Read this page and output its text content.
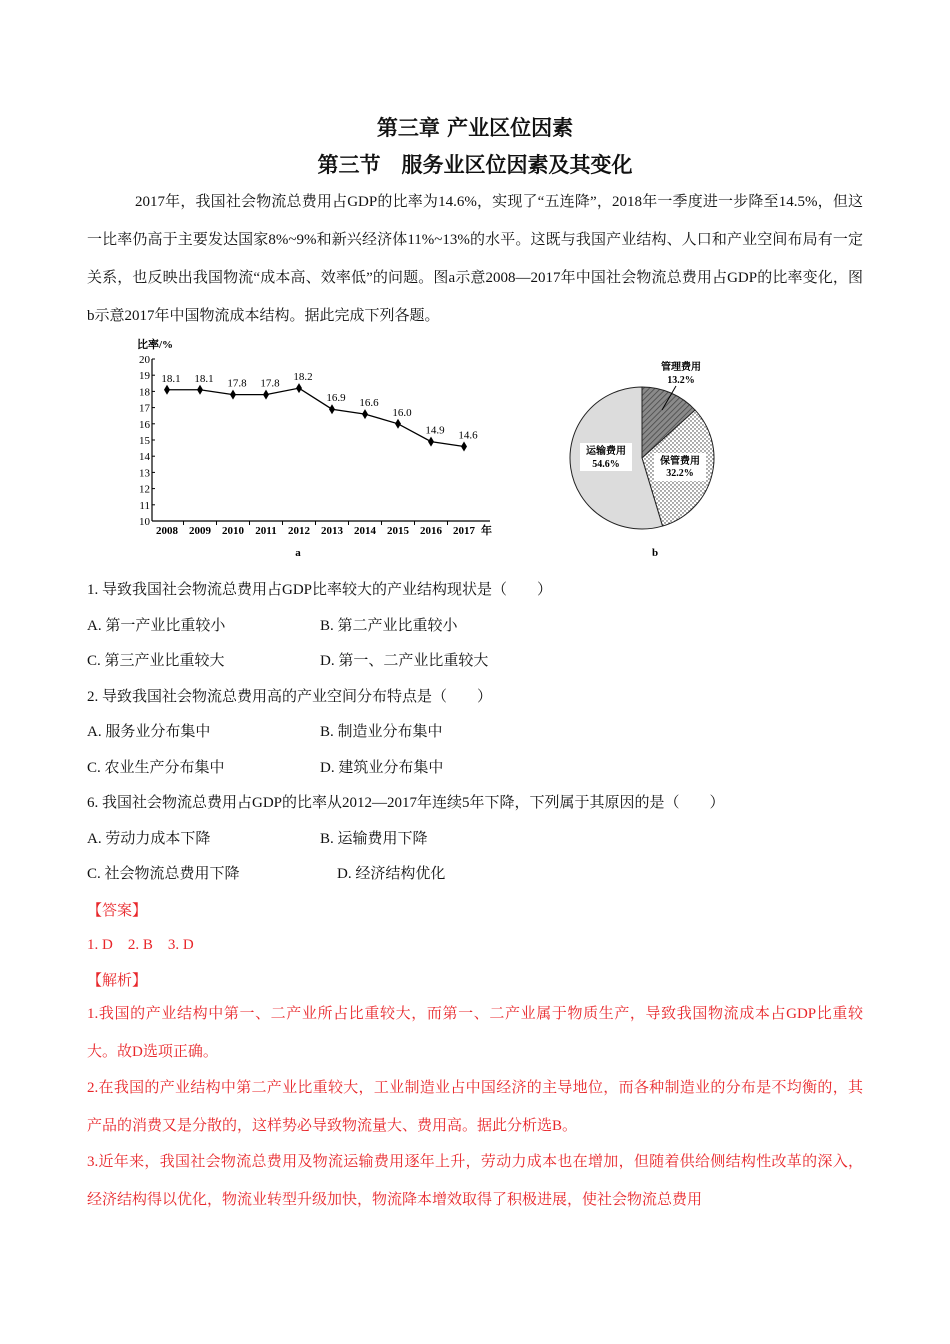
第三章 产业区位因素
第三节　服务业区位因素及其变化
2017年，我国社会物流总费用占GDP的比率为14.6%，实现了“五连降”，2018年一季度进一步降至14.5%，但这一比率仍高于主要发达国家8%~9%和新兴经济体11%~13%的水平。这既与我国产业结构、人口和产业空间布局有一定关系，也反映出我国物流“成本高、效率低”的问题。图a示意2008—2017年中国社会物流总费用占GDP的比率变化，图b示意2017年中国物流成本结构。据此完成下列各题。
比率/%
10
11
12
13
14
15
16
17
18
19
20
2008 2009 2010 2011 2012 2013 2014 2015 2016 2017 年
18.1 18.1 17.8 17.8
18.2
16.9 16.6
16.0
14.9 14.6
a
管理费用
13.2%
保管费用
32.2%
运输费用
54.6%
b
1. 导致我国社会物流总费用占GDP比率较大的产业结构现状是（　　）
A. 第一产业比重较小	B. 第二产业比重较小
C. 第三产业比重较大	D. 第一、二产业比重较大
2. 导致我国社会物流总费用高的产业空间分布特点是（　　）
A. 服务业分布集中	B. 制造业分布集中
C. 农业生产分布集中	D. 建筑业分布集中
6. 我国社会物流总费用占GDP的比率从2012—2017年连续5年下降，下列属于其原因的是（　　）
A. 劳动力成本下降	B. 运输费用下降
C. 社会物流总费用下降	D. 经济结构优化
【答案】
1. D　2. B　3. D
【解析】
1.我国的产业结构中第一、二产业所占比重较大，而第一、二产业属于物质生产，导致我国物流成本占GDP比重较大。故D选项正确。
2.在我国的产业结构中第二产业比重较大，工业制造业占中国经济的主导地位，而各种制造业的分布是不均衡的，其产品的消费又是分散的，这样势必导致物流量大、费用高。据此分析选B。
3.近年来，我国社会物流总费用及物流运输费用逐年上升，劳动力成本也在增加，但随着供给侧结构性改革的深入，经济结构得以优化，物流业转型升级加快，物流降本增效取得了积极进展，使社会物流总费用
